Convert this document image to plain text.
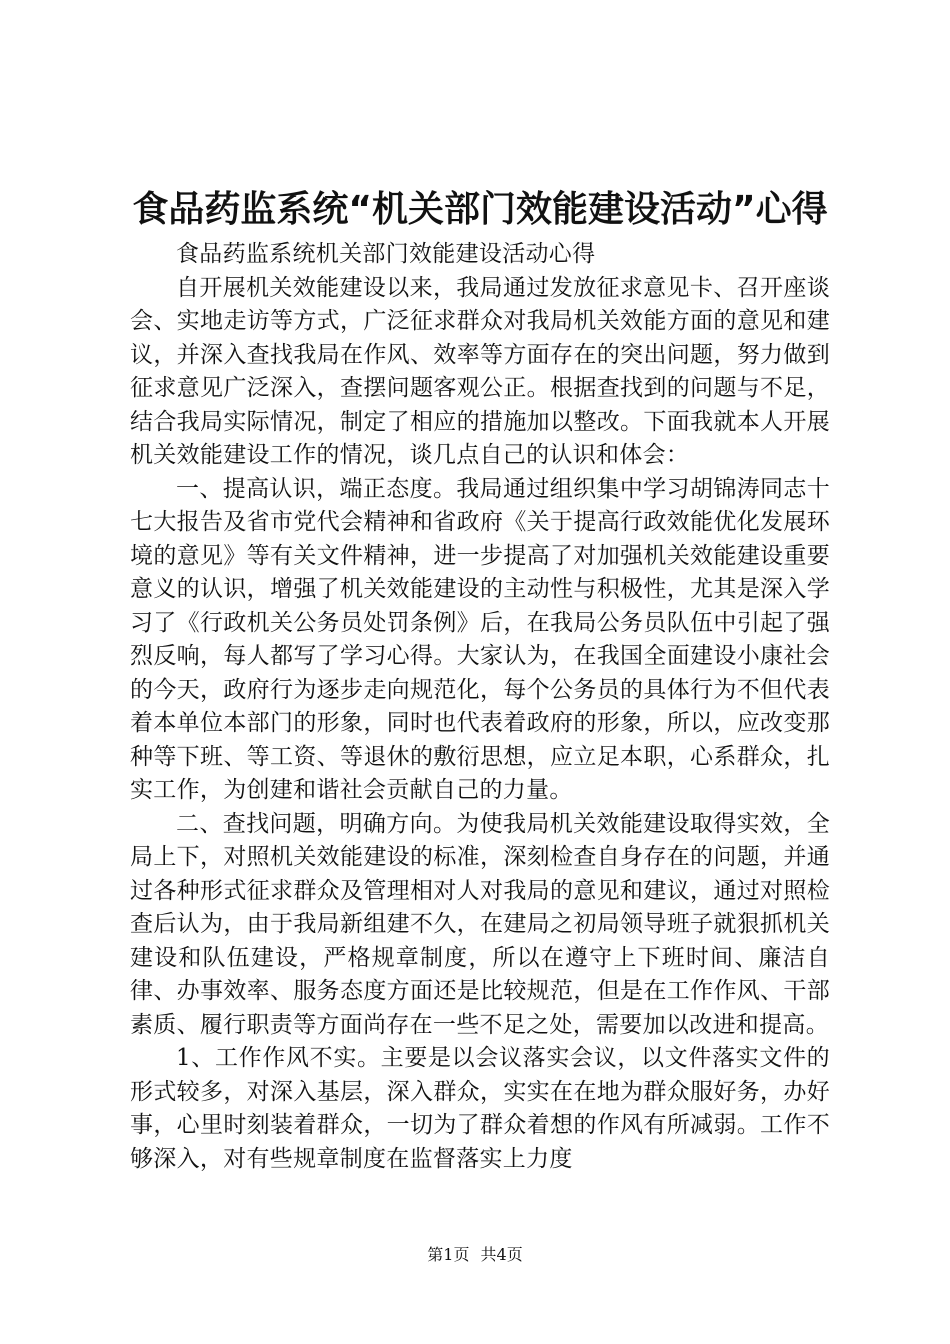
食品药监系统“机关部门效能建设活动”心得

食品药监系统机关部门效能建设活动心得

自开展机关效能建设以来，我局通过发放征求意见卡、召开座谈会、实地走访等方式，广泛征求群众对我局机关效能方面的意见和建议，并深入查找我局在作风、效率等方面存在的突出问题，努力做到征求意见广泛深入，查摆问题客观公正。根据查找到的问题与不足，结合我局实际情况，制定了相应的措施加以整改。下面我就本人开展机关效能建设工作的情况，谈几点自己的认识和体会：

一、提高认识，端正态度。我局通过组织集中学习胡锦涛同志十七大报告及省市党代会精神和省政府《关于提高行政效能优化发展环境的意见》等有关文件精神，进一步提高了对加强机关效能建设重要意义的认识，增强了机关效能建设的主动性与积极性，尤其是深入学习了《行政机关公务员处罚条例》后，在我局公务员队伍中引起了强烈反响，每人都写了学习心得。大家认为，在我国全面建设小康社会的今天，政府行为逐步走向规范化，每个公务员的具体行为不但代表着本单位本部门的形象，同时也代表着政府的形象，所以，应改变那种等下班、等工资、等退休的敷衍思想，应立足本职，心系群众，扎实工作，为创建和谐社会贡献自己的力量。

二、查找问题，明确方向。为使我局机关效能建设取得实效，全局上下，对照机关效能建设的标准，深刻检查自身存在的问题，并通过各种形式征求群众及管理相对人对我局的意见和建议，通过对照检查后认为，由于我局新组建不久，在建局之初局领导班子就狠抓机关建设和队伍建设，严格规章制度，所以在遵守上下班时间、廉洁自律、办事效率、服务态度方面还是比较规范，但是在工作作风、干部素质、履行职责等方面尚存在一些不足之处，需要加以改进和提高。

1、工作作风不实。主要是以会议落实会议，以文件落实文件的形式较多，对深入基层，深入群众，实实在在地为群众服好务，办好事，心里时刻装着群众，一切为了群众着想的作风有所减弱。工作不够深入，对有些规章制度在监督落实上力度

第1页 共4页
